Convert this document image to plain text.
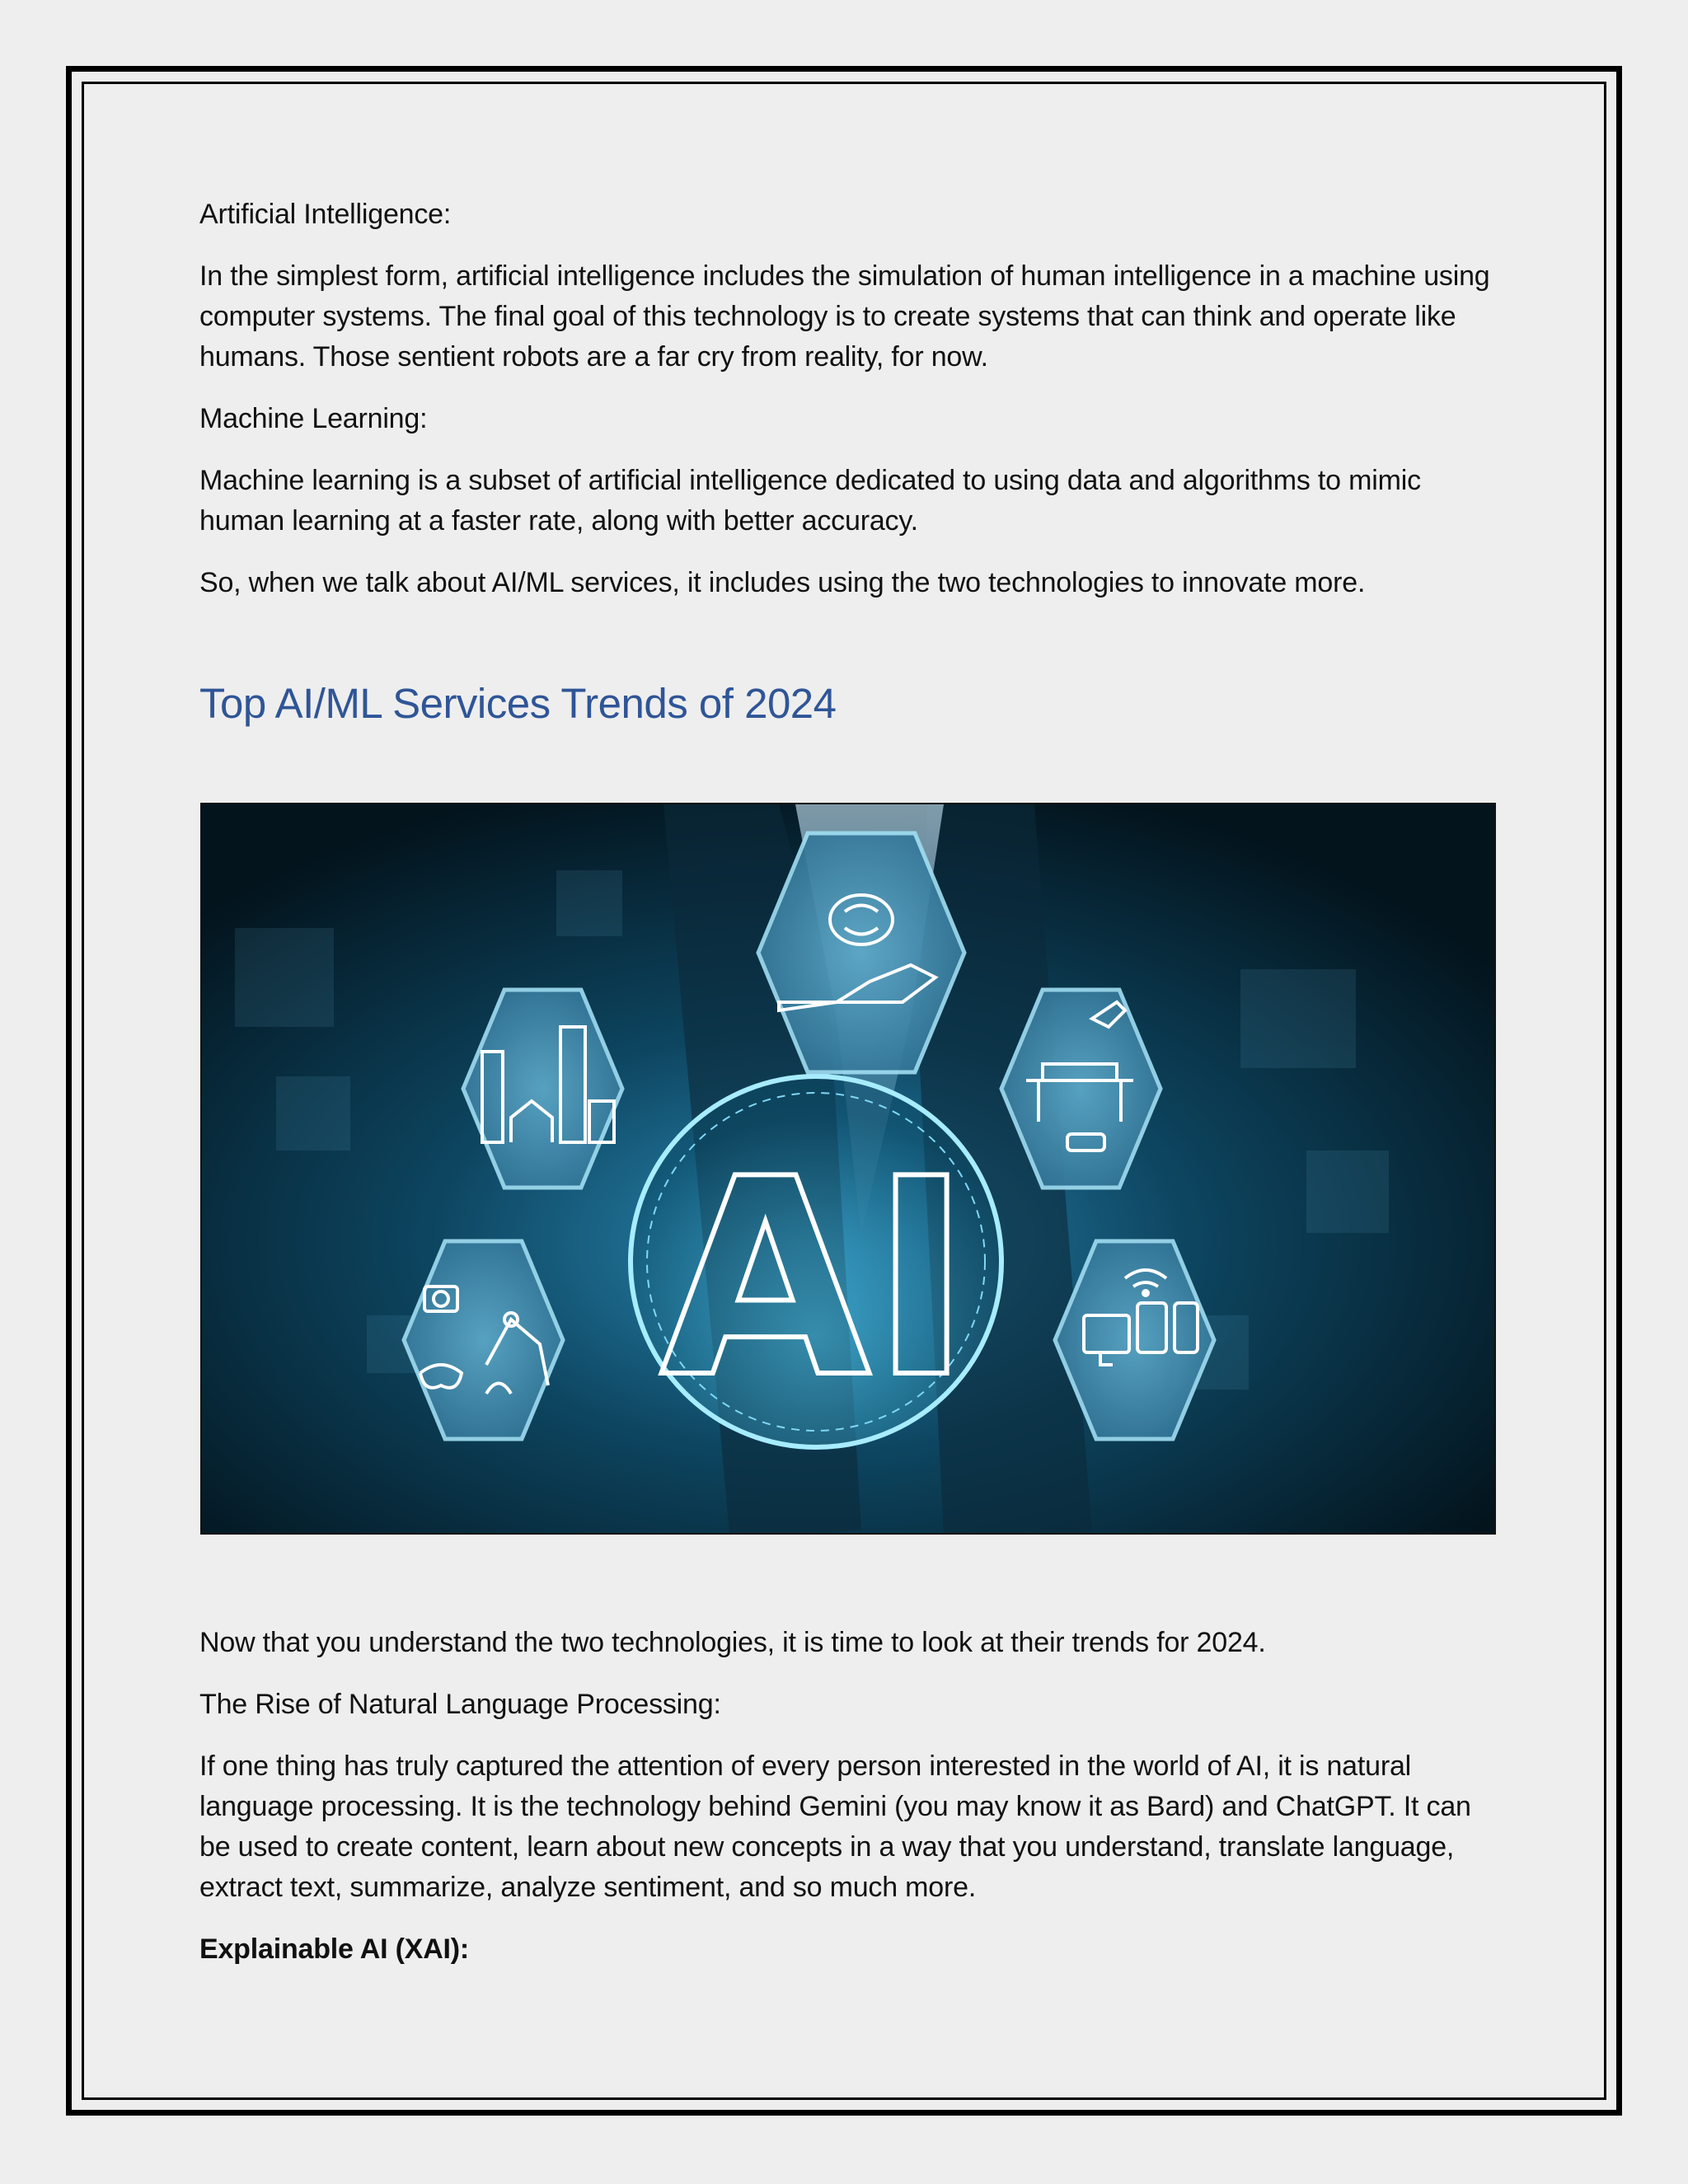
Artificial Intelligence:

In the simplest form, artificial intelligence includes the simulation of human intelligence in a machine using computer systems. The final goal of this technology is to create systems that can think and operate like humans. Those sentient robots are a far cry from reality, for now.

Machine Learning:

Machine learning is a subset of artificial intelligence dedicated to using data and algorithms to mimic human learning at a faster rate, along with better accuracy.

So, when we talk about AI/ML services, it includes using the two technologies to innovate more.

Top AI/ML Services Trends of 2024
AI

Now that you understand the two technologies, it is time to look at their trends for 2024.

The Rise of Natural Language Processing:

If one thing has truly captured the attention of every person interested in the world of AI, it is natural language processing. It is the technology behind Gemini (you may know it as Bard) and ChatGPT. It can be used to create content, learn about new concepts in a way that you understand, translate language, extract text, summarize, analyze sentiment, and so much more.

Explainable AI (XAI):
